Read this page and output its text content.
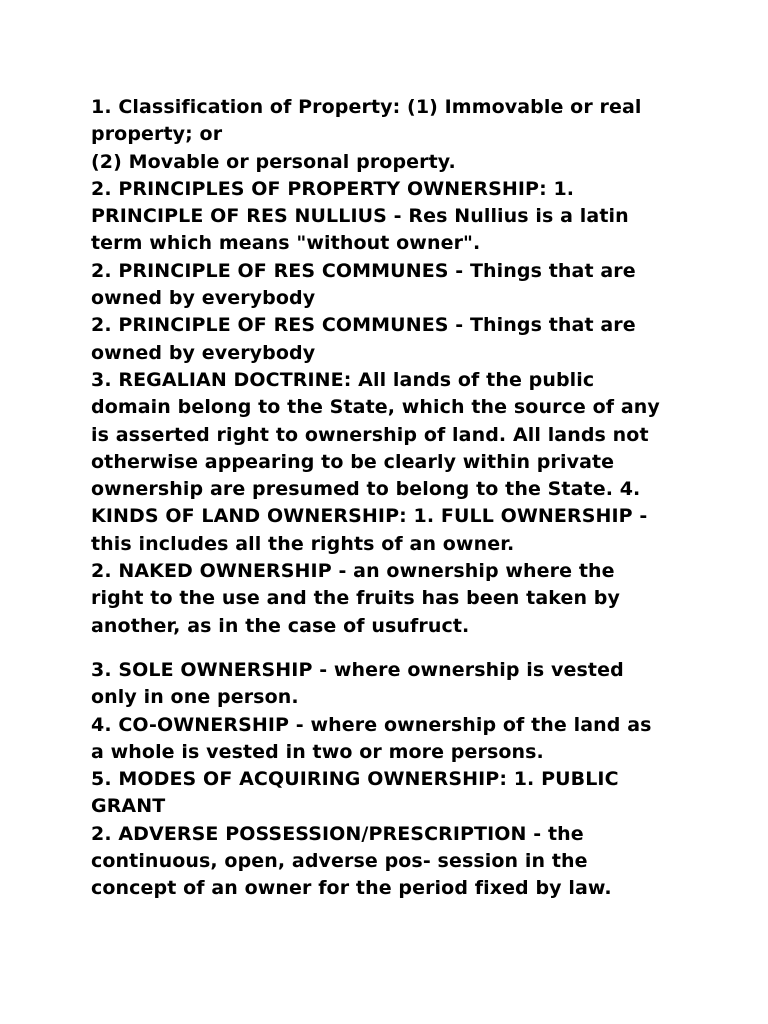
1. Classification of Property: (1) Immovable or real
property; or
(2) Movable or personal property.
2. PRINCIPLES OF PROPERTY OWNERSHIP: 1.
PRINCIPLE OF RES NULLIUS - Res Nullius is a latin
term which means "without owner".
2. PRINCIPLE OF RES COMMUNES - Things that are
owned by everybody
2. PRINCIPLE OF RES COMMUNES - Things that are
owned by everybody
3. REGALIAN DOCTRINE: All lands of the public
domain belong to the State, which the source of any
is asserted right to ownership of land. All lands not
otherwise appearing to be clearly within private
ownership are presumed to belong to the State. 4.
KINDS OF LAND OWNERSHIP: 1. FULL OWNERSHIP -
this includes all the rights of an owner.
2. NAKED OWNERSHIP - an ownership where the
right to the use and the fruits has been taken by
another, as in the case of usufruct.
3. SOLE OWNERSHIP - where ownership is vested
only in one person.
4. CO-OWNERSHIP - where ownership of the land as
a whole is vested in two or more persons.
5. MODES OF ACQUIRING OWNERSHIP: 1. PUBLIC
GRANT
2. ADVERSE POSSESSION/PRESCRIPTION - the
continuous, open, adverse pos- session in the
concept of an owner for the period fixed by law.
